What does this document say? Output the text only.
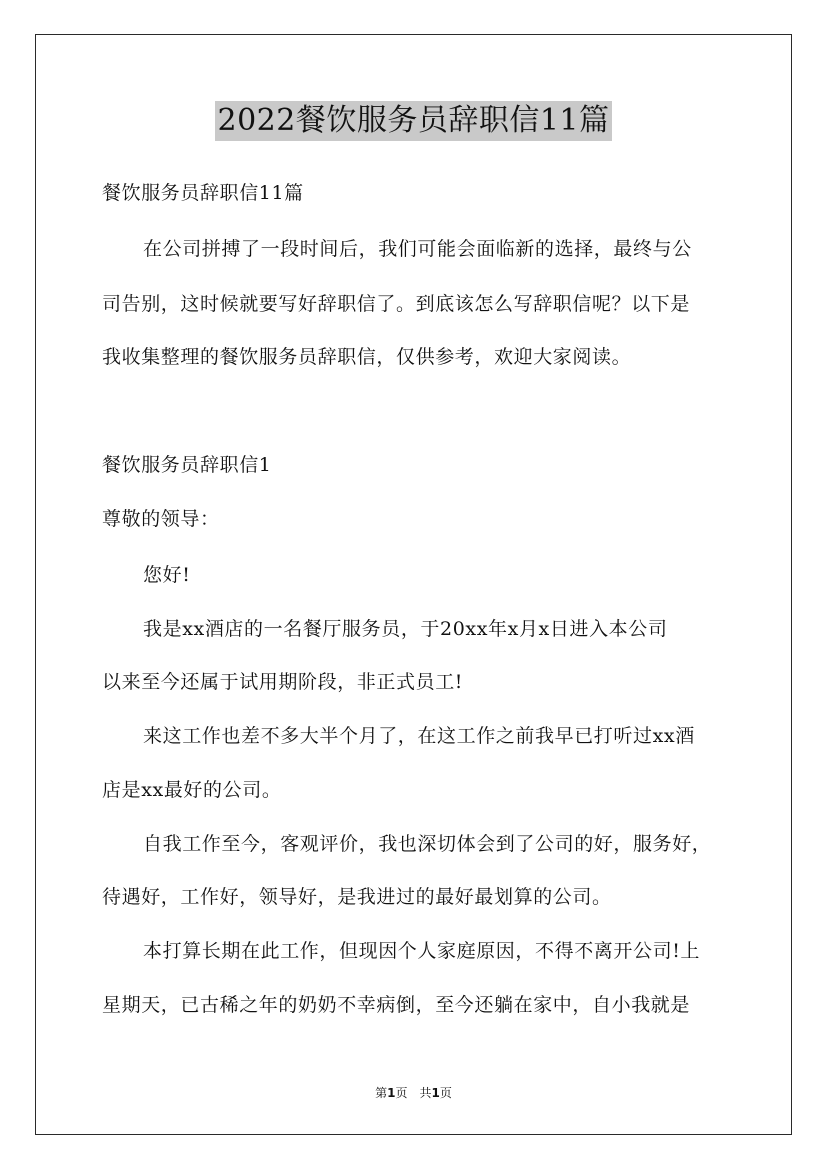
2022餐饮服务员辞职信11篇
餐饮服务员辞职信11篇
在公司拼搏了一段时间后，我们可能会面临新的选择，最终与公
司告别，这时候就要写好辞职信了。到底该怎么写辞职信呢？以下是
我收集整理的餐饮服务员辞职信，仅供参考，欢迎大家阅读。
餐饮服务员辞职信1
尊敬的领导：
您好!
我是xx酒店的一名餐厅服务员，于20xx年x月x日进入本公司
以来至今还属于试用期阶段，非正式员工!
来这工作也差不多大半个月了，在这工作之前我早已打听过xx酒
店是xx最好的公司。
自我工作至今，客观评价，我也深切体会到了公司的好，服务好，
待遇好，工作好，领导好，是我进过的最好最划算的公司。
本打算长期在此工作，但现因个人家庭原因，不得不离开公司!上
星期天，已古稀之年的奶奶不幸病倒，至今还躺在家中，自小我就是
第1页　共1页
